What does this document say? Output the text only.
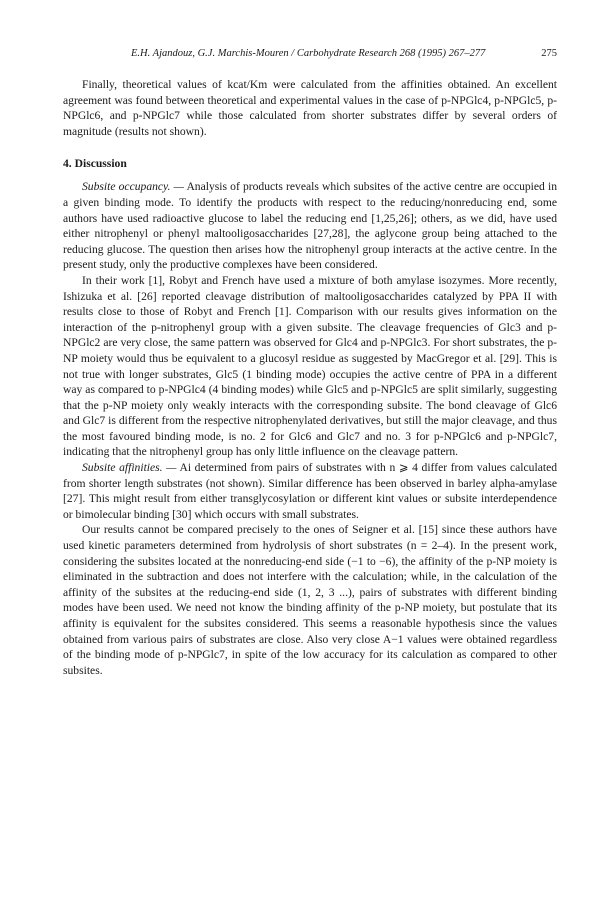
E.H. Ajandouz, G.J. Marchis-Mouren / Carbohydrate Research 268 (1995) 267–277	275

Finally, theoretical values of kcat/Km were calculated from the affinities obtained. An excellent agreement was found between theoretical and experimental values in the case of p-NPGlc4, p-NPGlc5, p-NPGlc6, and p-NPGlc7 while those calculated from shorter substrates differ by several orders of magnitude (results not shown).

4. Discussion

Subsite occupancy. — Analysis of products reveals which subsites of the active centre are occupied in a given binding mode. To identify the products with respect to the reducing/nonreducing end, some authors have used radioactive glucose to label the reducing end [1,25,26]; others, as we did, have used either nitrophenyl or phenyl maltooligosaccharides [27,28], the aglycone group being attached to the reducing glucose. The question then arises how the nitrophenyl group interacts at the active centre. In the present study, only the productive complexes have been considered.

In their work [1], Robyt and French have used a mixture of both amylase isozymes. More recently, Ishizuka et al. [26] reported cleavage distribution of maltooligosaccharides catalyzed by PPA II with results close to those of Robyt and French [1]. Comparison with our results gives information on the interaction of the p-nitrophenyl group with a given subsite. The cleavage frequencies of Glc3 and p-NPGlc2 are very close, the same pattern was observed for Glc4 and p-NPGlc3. For short substrates, the p-NP moiety would thus be equivalent to a glucosyl residue as suggested by MacGregor et al. [29]. This is not true with longer substrates, Glc5 (1 binding mode) occupies the active centre of PPA in a different way as compared to p-NPGlc4 (4 binding modes) while Glc5 and p-NPGlc5 are split similarly, suggesting that the p-NP moiety only weakly interacts with the corresponding subsite. The bond cleavage of Glc6 and Glc7 is different from the respective nitrophenylated derivatives, but still the major cleavage, and thus the most favoured binding mode, is no. 2 for Glc6 and Glc7 and no. 3 for p-NPGlc6 and p-NPGlc7, indicating that the nitrophenyl group has only little influence on the cleavage pattern.

Subsite affinities. — Ai determined from pairs of substrates with n ⩾ 4 differ from values calculated from shorter length substrates (not shown). Similar difference has been observed in barley alpha-amylase [27]. This might result from either transglycosylation or different kint values or subsite interdependence or bimolecular binding [30] which occurs with small substrates.

Our results cannot be compared precisely to the ones of Seigner et al. [15] since these authors have used kinetic parameters determined from hydrolysis of short substrates (n = 2–4). In the present work, considering the subsites located at the nonreducing-end side (−1 to −6), the affinity of the p-NP moiety is eliminated in the subtraction and does not interfere with the calculation; while, in the calculation of the affinity of the subsites at the reducing-end side (1, 2, 3 ...), pairs of substrates with different binding modes have been used. We need not know the binding affinity of the p-NP moiety, but postulate that its affinity is equivalent for the subsites considered. This seems a reasonable hypothesis since the values obtained from various pairs of substrates are close. Also very close A−1 values were obtained regardless of the binding mode of p-NPGlc7, in spite of the low accuracy for its calculation as compared to other subsites.
